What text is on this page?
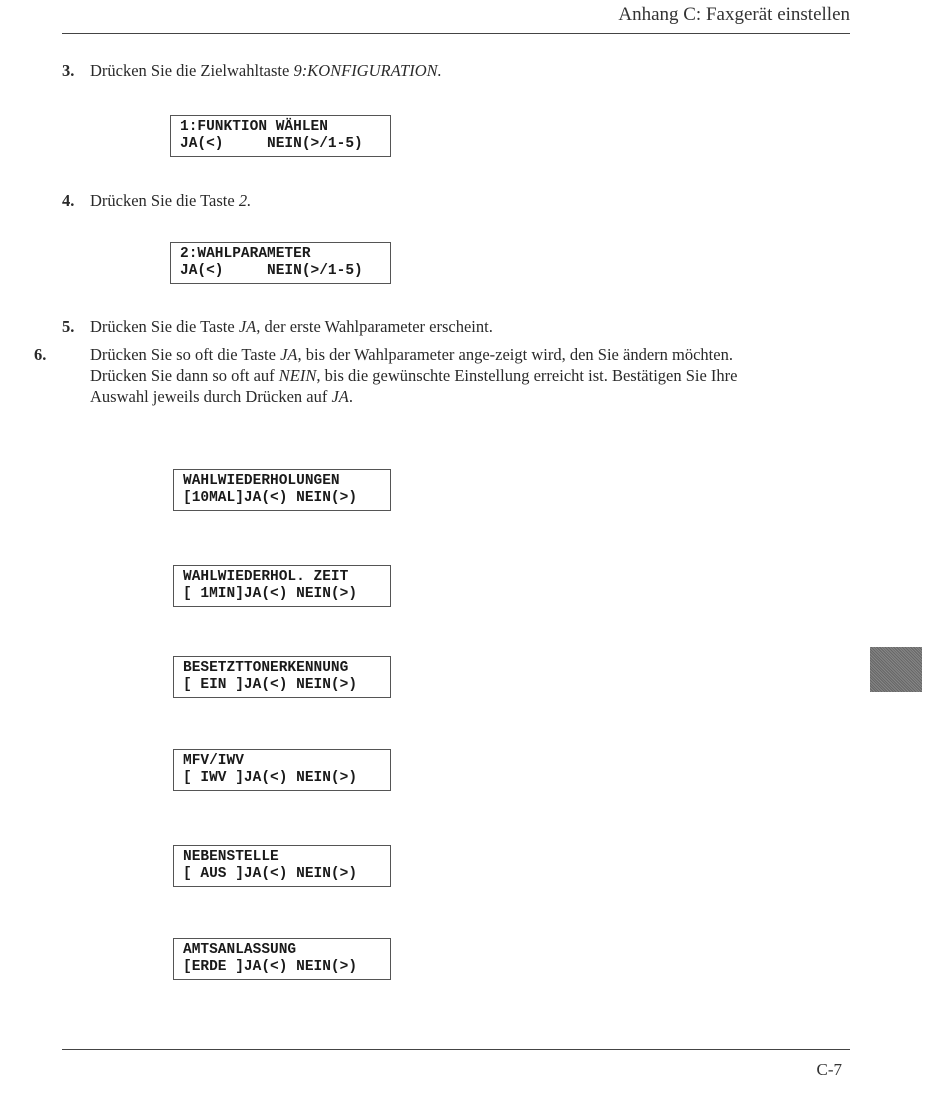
Anhang C: Faxgerät einstellen
3. Drücken Sie die Zielwahltaste 9:KONFIGURATION.
1:FUNKTION WÄHLEN
JA(<)     NEIN(>/1-5)
4. Drücken Sie die Taste 2.
2:WAHLPARAMETER
JA(<)     NEIN(>/1-5)
5. Drücken Sie die Taste JA, der erste Wahlparameter erscheint.
6.	Drücken Sie so oft die Taste JA, bis der Wahlparameter ange-zeigt wird, den Sie ändern möchten. Drücken Sie dann so oft auf NEIN, bis die gewünschte Einstellung erreicht ist. Bestätigen Sie Ihre Auswahl jeweils durch Drücken auf JA.
WAHLWIEDERHOLUNGEN
[10MAL]JA(<) NEIN(>)
WAHLWIEDERHOL. ZEIT
[ 1MIN]JA(<) NEIN(>)
BESETZTTONERKENNUNG
[ EIN ]JA(<) NEIN(>)
MFV/IWV
[ IWV ]JA(<) NEIN(>)
NEBENSTELLE
[ AUS ]JA(<) NEIN(>)
AMTSANLASSUNG
[ERDE ]JA(<) NEIN(>)
C-7
